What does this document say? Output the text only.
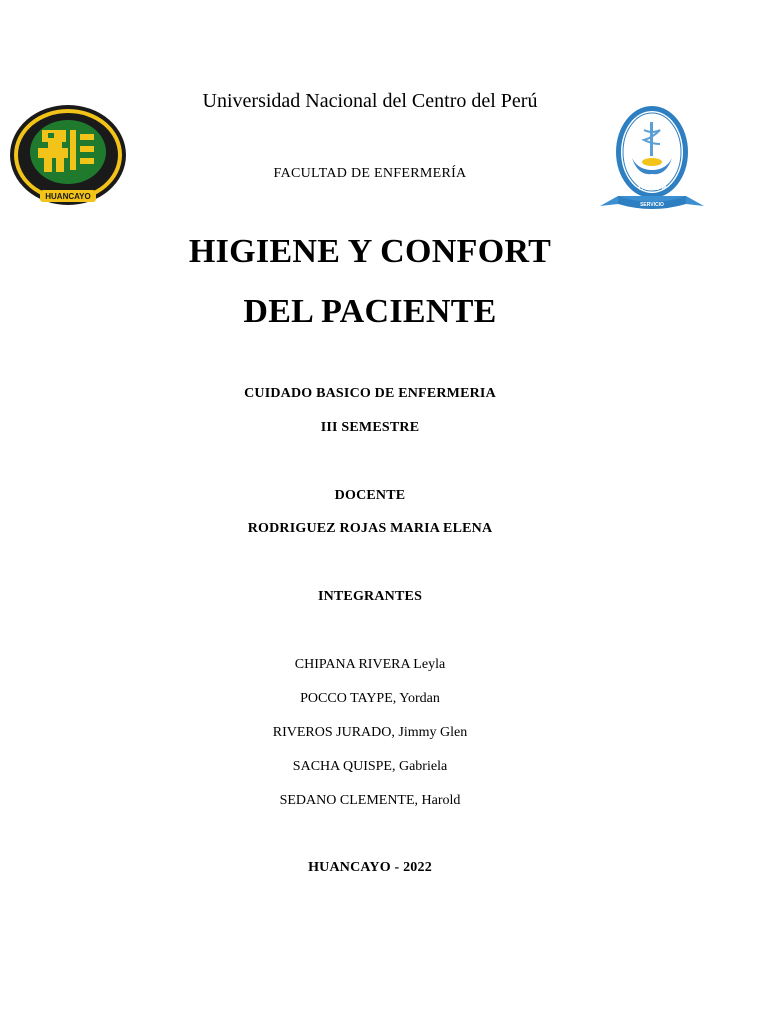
HUANCAYO
U N C P
SERVICIO
Universidad Nacional del Centro del Perú
FACULTAD DE ENFERMERÍA
HIGIENE Y CONFORT
DEL PACIENTE
CUIDADO BASICO DE ENFERMERIA
III SEMESTRE
DOCENTE
RODRIGUEZ ROJAS MARIA ELENA
INTEGRANTES
CHIPANA RIVERA Leyla
POCCO TAYPE, Yordan
RIVEROS JURADO, Jimmy Glen
SACHA QUISPE, Gabriela
SEDANO CLEMENTE, Harold
HUANCAYO - 2022
